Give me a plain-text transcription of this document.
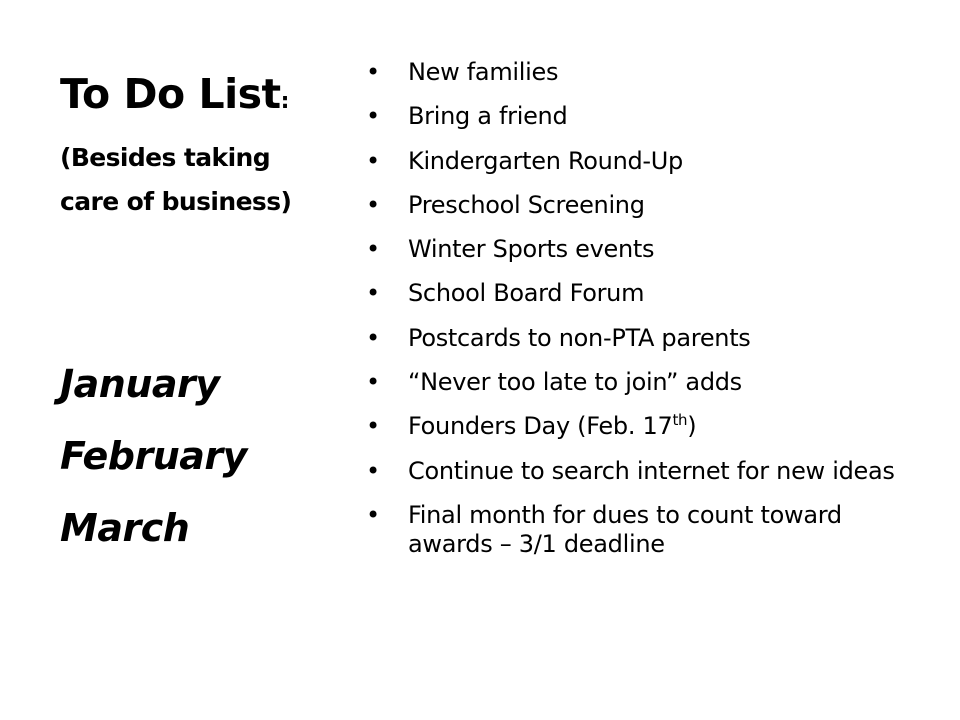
To Do List:
(Besides taking
care of business)
January
February
March
• New families
• Bring a friend
• Kindergarten Round-Up
• Preschool Screening
• Winter Sports events
• School Board Forum
• Postcards to non-PTA parents
• “Never too late to join” adds
• Founders Day (Feb. 17th)
• Continue to search internet for new ideas
• Final month for dues to count toward awards – 3/1 deadline
